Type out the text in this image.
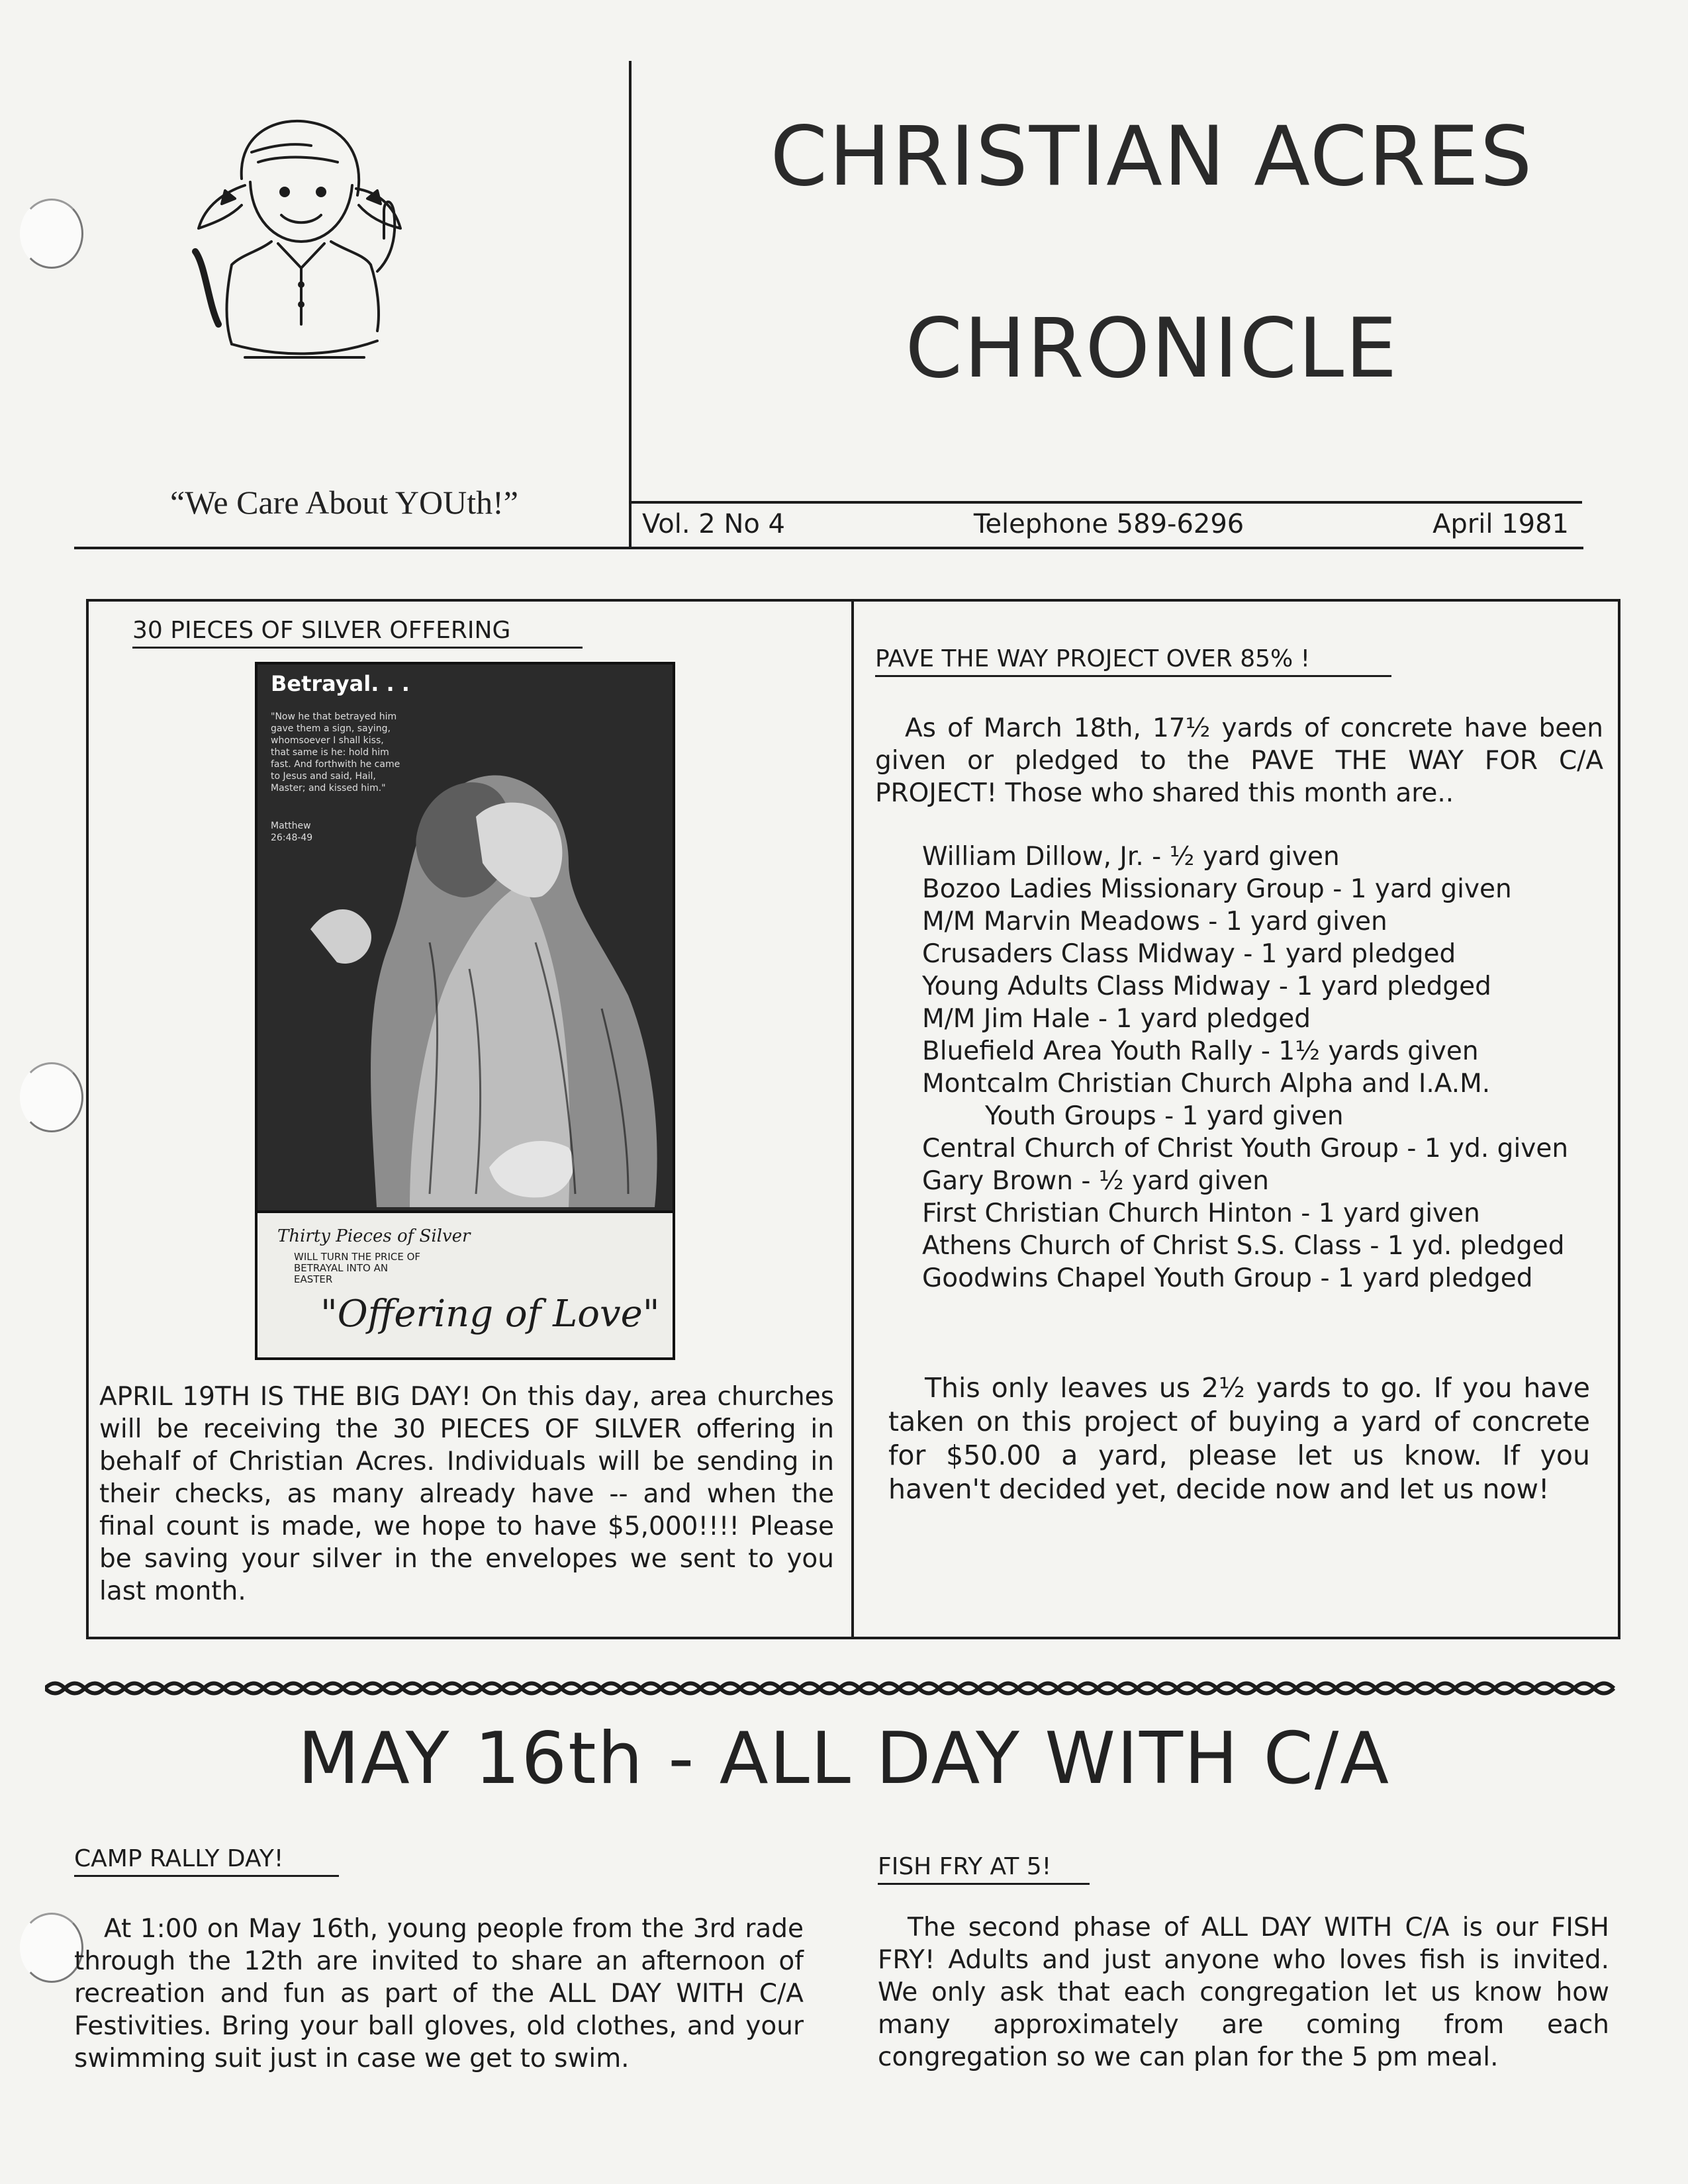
CHRISTIAN ACRES
CHRONICLE
“We Care About YOUth!”
Vol. 2 No 4	Telephone 589-6296	April 1981
30 PIECES OF SILVER OFFERING
Betrayal. . .
"Now he that betrayed him gave them a sign, saying, whomsoever I shall kiss, that same is he: hold him fast. And forthwith he came to Jesus and said, Hail, Master; and kissed him."
Matthew 26:48-49
Thirty Pieces of Silver
WILL TURN THE PRICE OF BETRAYAL INTO AN EASTER
"Offering of Love"

APRIL 19TH IS THE BIG DAY! On this day, area churches will be receiving the 30 PIECES OF SILVER offering in behalf of Christian Acres. Individuals will be sending in their checks, as many already have -- and when the final count is made, we hope to have $5,000!!!! Please be saving your silver in the envelopes we sent to you last month.

PAVE THE WAY PROJECT OVER 85% !

As of March 18th, 17½ yards of concrete have been given or pledged to the PAVE THE WAY FOR C/A PROJECT! Those who shared this month are..

William Dillow, Jr. - ½ yard given
Bozoo Ladies Missionary Group - 1 yard given
M/M Marvin Meadows - 1 yard given
Crusaders Class Midway - 1 yard pledged
Young Adults Class Midway - 1 yard pledged
M/M Jim Hale - 1 yard pledged
Bluefield Area Youth Rally - 1½ yards given
Montcalm Christian Church Alpha and I.A.M.
Youth Groups - 1 yard given
Central Church of Christ Youth Group - 1 yd. given
Gary Brown - ½ yard given
First Christian Church Hinton - 1 yard given
Athens Church of Christ S.S. Class - 1 yd. pledged
Goodwins Chapel Youth Group - 1 yard pledged

This only leaves us 2½ yards to go. If you have taken on this project of buying a yard of concrete for $50.00 a yard, please let us know. If you haven't decided yet, decide now and let us now!

MAY 16th - ALL DAY WITH C/A
CAMP RALLY DAY!

At 1:00 on May 16th, young people from the 3rd rade through the 12th are invited to share an afternoon of recreation and fun as part of the ALL DAY WITH C/A Festivities. Bring your ball gloves, old clothes, and your swimming suit just in case we get to swim.

FISH FRY AT 5!

The second phase of ALL DAY WITH C/A is our FISH FRY! Adults and just anyone who loves fish is invited. We only ask that each congregation let us know how many approximately are coming from each congregation so we can plan for the 5 pm meal.
